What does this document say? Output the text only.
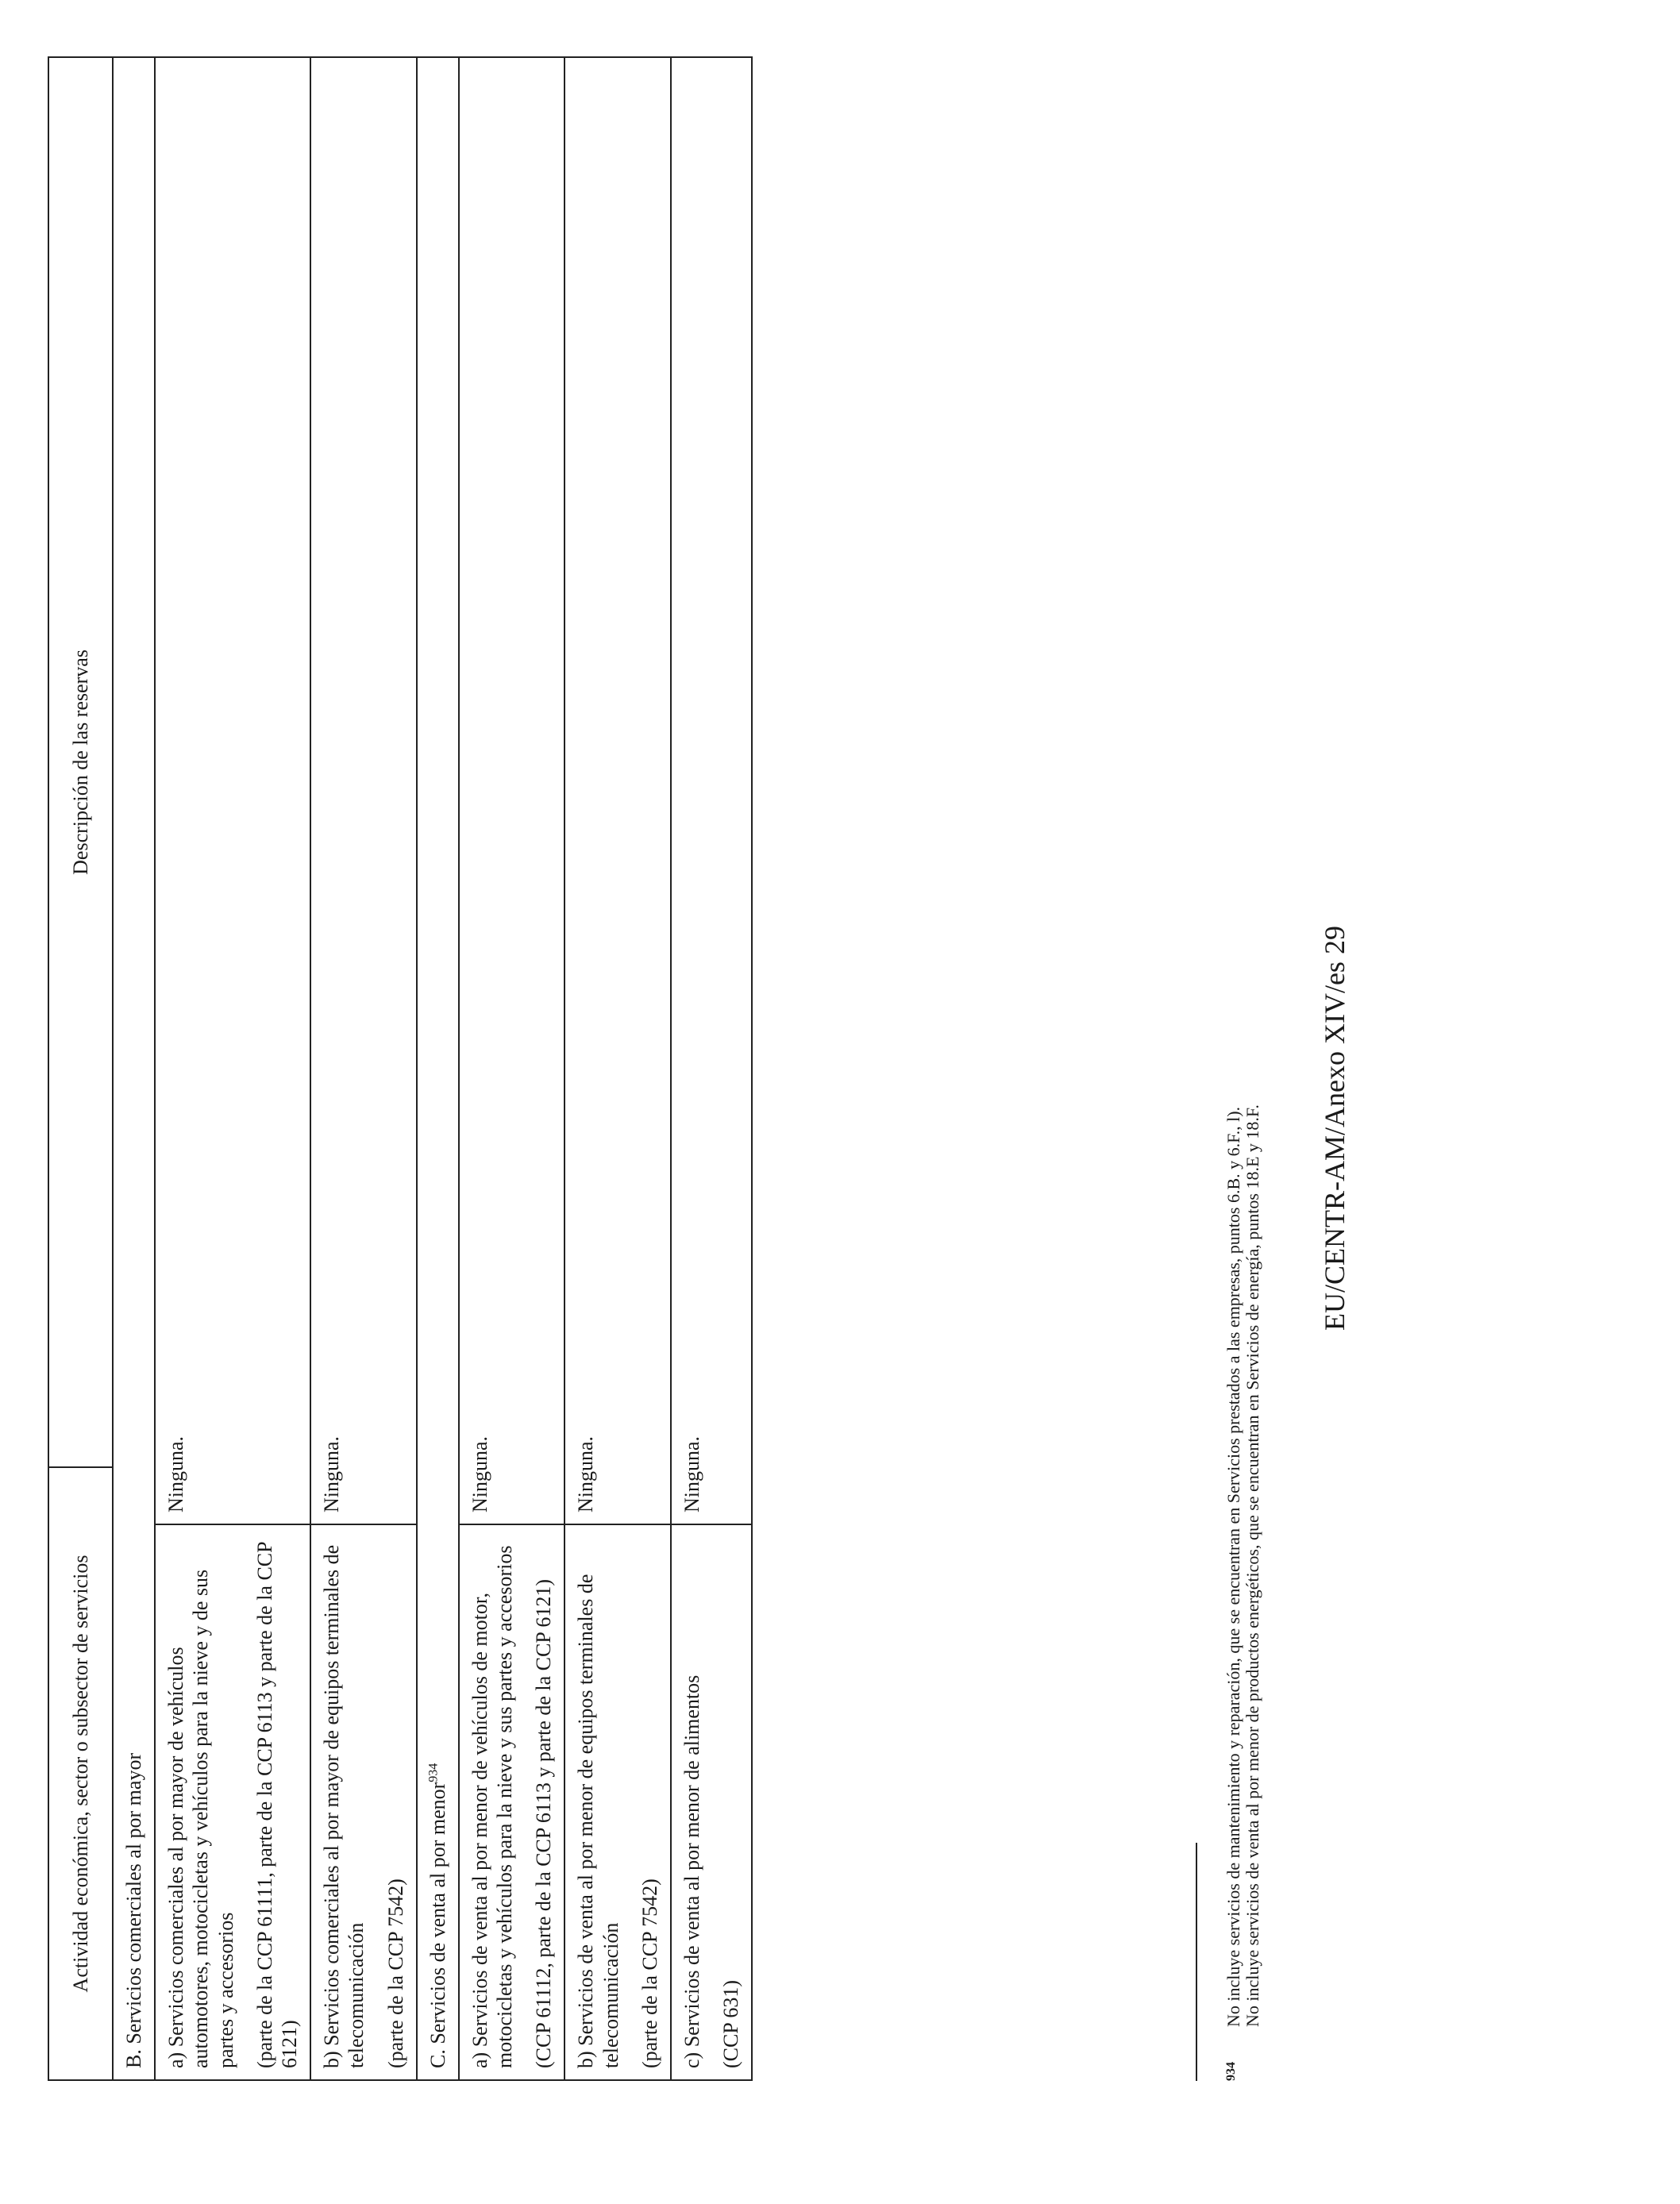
Actividad económica, sector o subsector de servicios		Descripción de las reservas
B. Servicios comerciales al por mayor		

a) Servicios comerciales al por mayor de vehículos automotores, motocicletas y vehículos para la nieve y de sus partes y accesorios (parte de la CCP 61111, parte de la CCP 6113 y parte de la CCP 6121)	Ninguna.	

b) Servicios comerciales al por mayor de equipos terminales de telecomunicación (parte de la CCP 7542)	Ninguna.	
C. Servicios de venta al por menor$^{934}$	

a) Servicios de venta al por menor de vehículos de motor, motocicletas y vehículos para la nieve y sus partes y accesorios (CCP 61112, parte de la CCP 6113 y parte de la CCP 6121)	Ninguna.	

b) Servicios de venta al por menor de equipos terminales de telecomunicación (parte de la CCP 7542)	Ninguna.	

c) Servicios de venta al por menor de alimentos (CCP 631)	Ninguna.	
934
No incluye servicios de mantenimiento y reparación, que se encuentran en Servicios prestados a las empresas, puntos 6.B. y 6.F., l). No incluye servicios de venta al por menor de productos energéticos, que se encuentran en Servicios de energía, puntos 18.E y 18.F. EU/CENTR-AM/Anexo XIV/es 29
